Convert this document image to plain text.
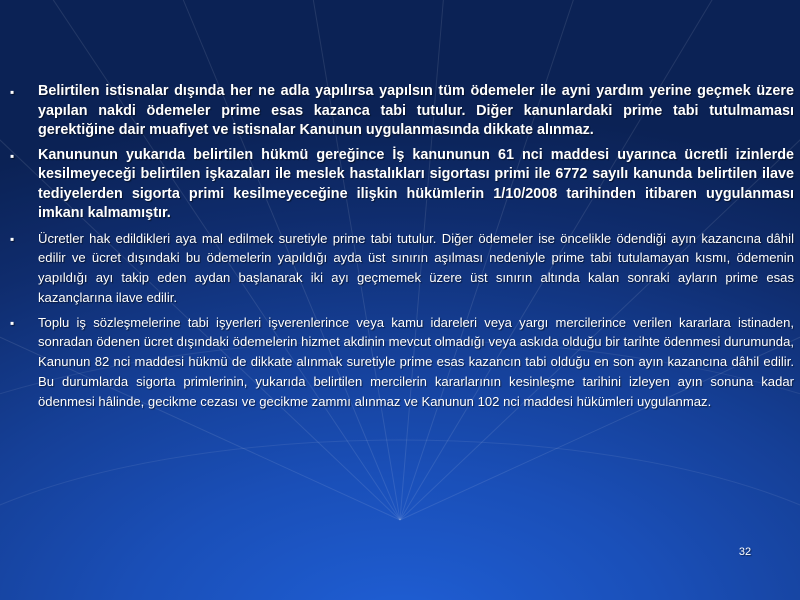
▪	Belirtilen istisnalar dışında her ne adla yapılırsa yapılsın tüm ödemeler ile ayni yardım yerine geçmek üzere yapılan nakdi ödemeler prime esas kazanca tabi tutulur. Diğer kanunlardaki prime tabi tutulmaması gerektiğine dair muafiyet ve istisnalar Kanunun uygulanmasında dikkate alınmaz.
▪	Kanununun yukarıda belirtilen hükmü gereğince İş kanununun 61 nci maddesi uyarınca ücretli izinlerde kesilmeyeceği belirtilen işkazaları ile meslek hastalıkları sigortası primi ile 6772 sayılı kanunda belirtilen ilave tediyelerden sigorta primi kesilmeyeceğine ilişkin hükümlerin 1/10/2008 tarihinden itibaren uygulanması imkanı kalmamıştır.
▪	Ücretler hak edildikleri aya mal edilmek suretiyle prime tabi tutulur. Diğer ödemeler ise öncelikle ödendiği ayın kazancına dâhil edilir ve ücret dışındaki bu ödemelerin yapıldığı ayda üst sınırın aşılması nedeniyle prime tabi tutulamayan kısmı, ödemenin yapıldığı ayı takip eden aydan başlanarak iki ayı geçmemek üzere üst sınırın altında kalan sonraki ayların prime esas kazançlarına ilave edilir.
▪	Toplu iş sözleşmelerine tabi işyerleri işverenlerince veya kamu idareleri veya yargı mercilerince verilen kararlara istinaden, sonradan ödenen ücret dışındaki ödemelerin hizmet akdinin mevcut olmadığı veya askıda olduğu bir tarihte ödenmesi durumunda, Kanunun 82 nci maddesi hükmü de dikkate alınmak suretiyle prime esas kazancın tabi olduğu en son ayın kazancına dâhil edilir. Bu durumlarda sigorta primlerinin, yukarıda belirtilen mercilerin kararlarının kesinleşme tarihini izleyen ayın sonuna kadar ödenmesi hâlinde, gecikme cezası ve gecikme zammı alınmaz ve Kanunun 102 nci maddesi hükümleri uygulanmaz.
32
